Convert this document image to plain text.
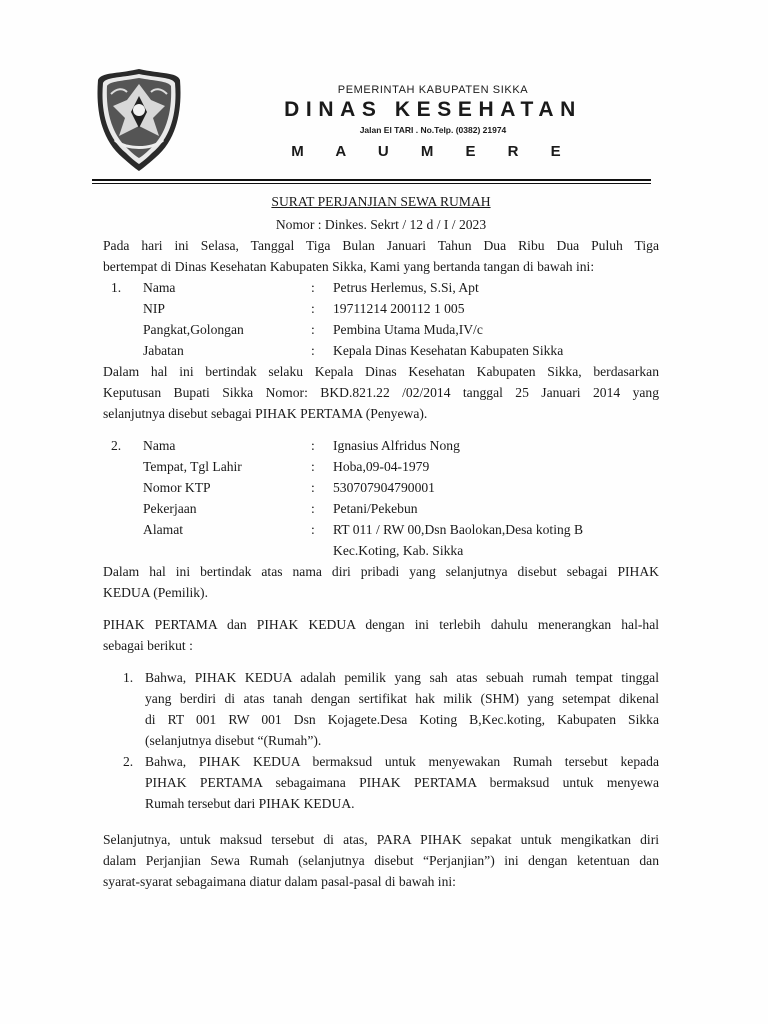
PEMERINTAH KABUPATEN SIKKA
DINAS KESEHATAN
Jalan El TARI . No.Telp. (0382) 21974
M A U M E R E
SURAT PERJANJIAN SEWA RUMAH
Nomor : Dinkes. Sekrt / 12 d / I / 2023
Pada hari ini Selasa, Tanggal Tiga Bulan Januari Tahun Dua Ribu Dua Puluh Tiga
bertempat di Dinas Kesehatan Kabupaten Sikka, Kami yang bertanda tangan di bawah ini:
1. Nama	: Petrus Herlemus, S.Si, Apt
NIP	: 19711214 200112 1 005
Pangkat,Golongan	: Pembina Utama Muda,IV/c
Jabatan	: Kepala Dinas Kesehatan Kabupaten Sikka
Dalam hal ini bertindak selaku Kepala Dinas Kesehatan Kabupaten Sikka, berdasarkan
Keputusan Bupati Sikka Nomor: BKD.821.22 /02/2014 tanggal 25 Januari 2014 yang
selanjutnya disebut sebagai PIHAK PERTAMA (Penyewa).
2. Nama	: Ignasius Alfridus Nong
Tempat, Tgl Lahir	: Hoba,09-04-1979
Nomor KTP	: 530707904790001
Pekerjaan	: Petani/Pekebun
Alamat	: RT 011 / RW 00,Dsn Baolokan,Desa koting B
Kec.Koting, Kab. Sikka
Dalam hal ini bertindak atas nama diri pribadi yang selanjutnya disebut sebagai PIHAK
KEDUA (Pemilik).
PIHAK PERTAMA dan PIHAK KEDUA dengan ini terlebih dahulu menerangkan hal-hal
sebagai berikut :
1. Bahwa, PIHAK KEDUA adalah pemilik yang sah atas sebuah rumah tempat tinggal
yang berdiri di atas tanah dengan sertifikat hak milik (SHM) yang setempat dikenal
di RT 001 RW 001 Dsn Kojagete.Desa Koting B,Kec.koting, Kabupaten Sikka
(selanjutnya disebut “(Rumah”).
2. Bahwa, PIHAK KEDUA bermaksud untuk menyewakan Rumah tersebut kepada
PIHAK PERTAMA sebagaimana PIHAK PERTAMA bermaksud untuk menyewa
Rumah tersebut dari PIHAK KEDUA.
Selanjutnya, untuk maksud tersebut di atas, PARA PIHAK sepakat untuk mengikatkan diri
dalam Perjanjian Sewa Rumah (selanjutnya disebut “Perjanjian”) ini dengan ketentuan dan
syarat-syarat sebagaimana diatur dalam pasal-pasal di bawah ini:
